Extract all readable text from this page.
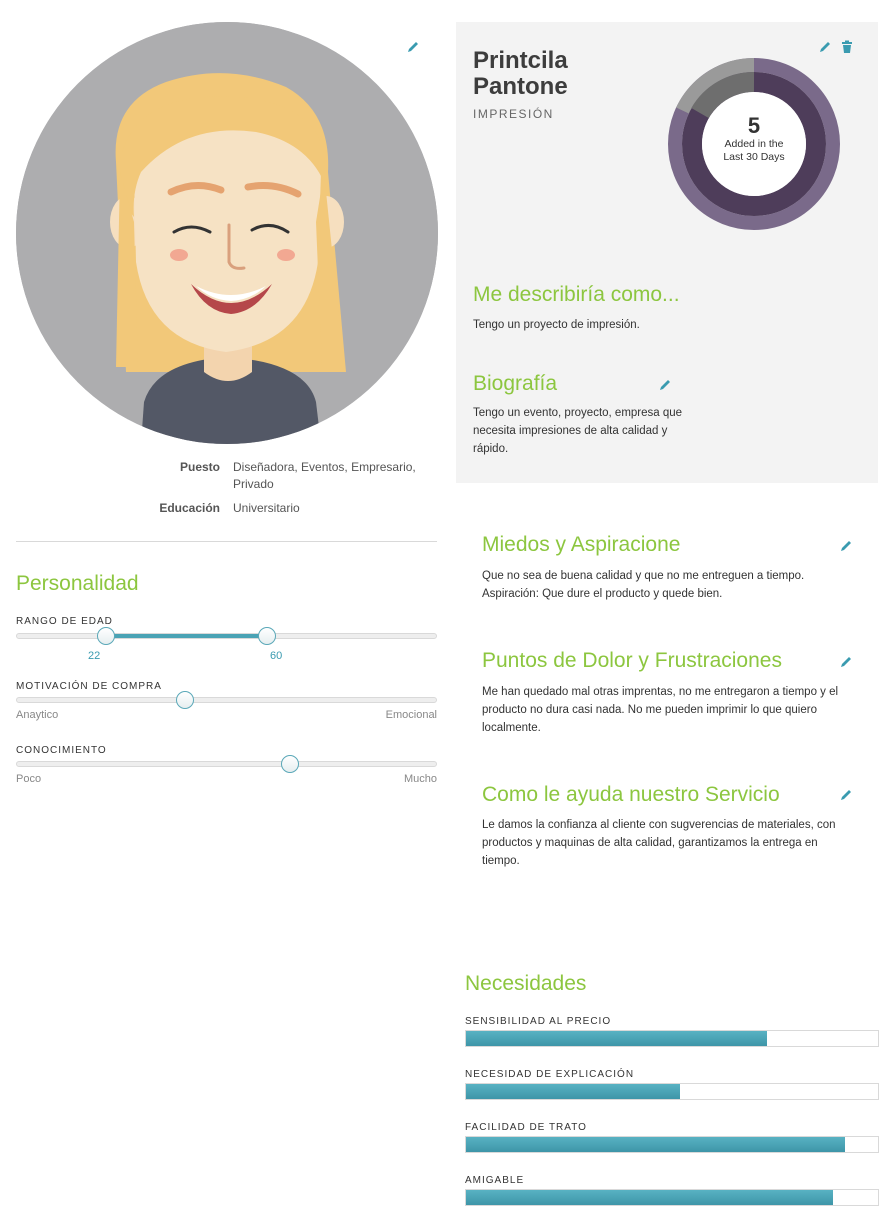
Puesto Diseñadora, Eventos, Empresario, Privado
Educación Universitario
Personalidad
RANGO DE EDAD
22	60
MOTIVACIÓN DE COMPRA
Anaytico	Emocional
CONOCIMIENTO
Poco	Mucho
Printcila
Pantone
IMPRESIÓN	5
Added in the
Last 30 Days
Me describiría como...
Tengo un proyecto de impresión.
Biografía
Tengo un evento, proyecto, empresa que
necesita impresiones de alta calidad y
rápido.
Miedos y Aspiracione
Que no sea de buena calidad y que no me entreguen a tiempo.
Aspiración: Que dure el producto y quede bien.
Puntos de Dolor y Frustraciones
Me han quedado mal otras imprentas, no me entregaron a tiempo y el
producto no dura casi nada. No me pueden imprimir lo que quiero
localmente.
Como le ayuda nuestro Servicio
Le damos la confianza al cliente con sugverencias de materiales, con
productos y maquinas de alta calidad, garantizamos la entrega en
tiempo.
Necesidades
SENSIBILIDAD AL PRECIO
NECESIDAD DE EXPLICACIÓN
FACILIDAD DE TRATO
AMIGABLE
